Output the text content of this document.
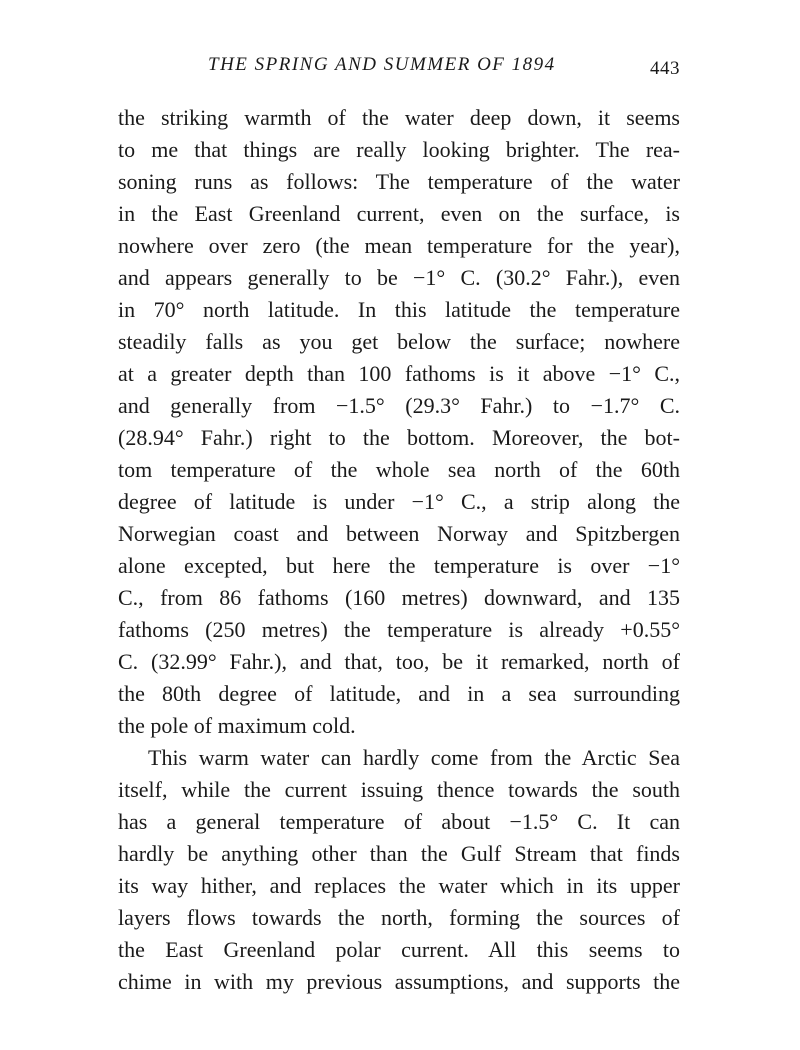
THE SPRING AND SUMMER OF 1894	443
the striking warmth of the water deep down, it seems
to me that things are really looking brighter. The rea-
soning runs as follows: The temperature of the water
in the East Greenland current, even on the surface, is
nowhere over zero (the mean temperature for the year),
and appears generally to be −1° C. (30.2° Fahr.), even
in 70° north latitude. In this latitude the temperature
steadily falls as you get below the surface; nowhere
at a greater depth than 100 fathoms is it above −1° C.,
and generally from −1.5° (29.3° Fahr.) to −1.7° C.
(28.94° Fahr.) right to the bottom. Moreover, the bot-
tom temperature of the whole sea north of the 60th
degree of latitude is under −1° C., a strip along the
Norwegian coast and between Norway and Spitzbergen
alone excepted, but here the temperature is over −1°
C., from 86 fathoms (160 metres) downward, and 135
fathoms (250 metres) the temperature is already +0.55°
C. (32.99° Fahr.), and that, too, be it remarked, north of
the 80th degree of latitude, and in a sea surrounding
the pole of maximum cold.
This warm water can hardly come from the Arctic Sea
itself, while the current issuing thence towards the south
has a general temperature of about −1.5° C. It can
hardly be anything other than the Gulf Stream that finds
its way hither, and replaces the water which in its upper
layers flows towards the north, forming the sources of
the East Greenland polar current. All this seems to
chime in with my previous assumptions, and supports the
